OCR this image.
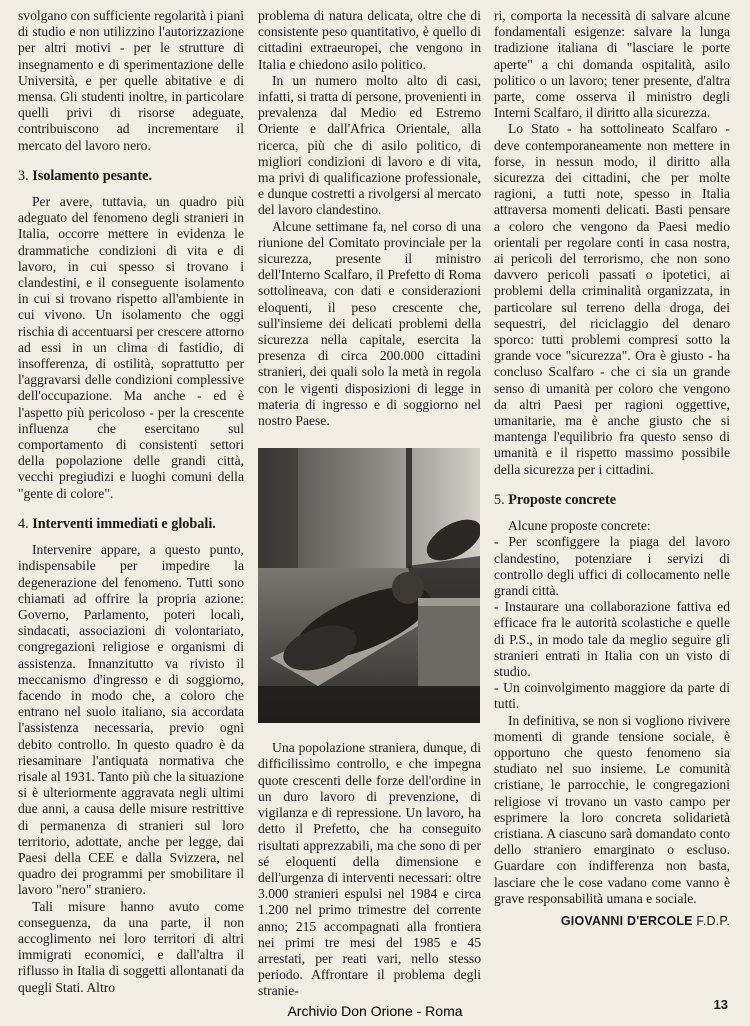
svolgano con sufficiente regolarità i piani di studio e non utilizzino l'autorizzazione per altri motivi - per le strutture di insegnamento e di sperimentazione delle Università, e per quelle abitative e di mensa. Gli studenti inoltre, in particolare quelli privi di risorse adeguate, contribuiscono ad incrementare il mercato del lavoro nero.

3. Isolamento pesante.

Per avere, tuttavia, un quadro più adeguato del fenomeno degli stranieri in Italia, occorre mettere in evidenza le drammatiche condizioni di vita e di lavoro, in cui spesso si trovano i clandestini, e il conseguente isolamento in cui si trovano rispetto all'ambiente in cui vivono. Un isolamento che oggi rischia di accentuarsi per crescere attorno ad essi in un clima di fastidio, di insofferenza, di ostilità, soprattutto per l'aggravarsi delle condizioni complessive dell'occupazione. Ma anche - ed è l'aspetto più pericoloso - per la crescente influenza che esercitano sul comportamento di consistenti settori della popolazione delle grandi città, vecchi pregiudizi e luoghi comuni della "gente di colore".

4. Interventi immediati e globali.

Intervenire appare, a questo punto, indispensabile per impedire la degenerazione del fenomeno. Tutti sono chiamati ad offrire la propria azione: Governo, Parlamento, poteri locali, sindacati, associazioni di volontariato, congregazioni religiose e organismi di assistenza. Innanzitutto va rivisto il meccanismo d'ingresso e di soggiorno, facendo in modo che, a coloro che entrano nel suolo italiano, sia accordata l'assistenza necessaria, previo ogni debito controllo. In questo quadro è da riesaminare l'antiquata normativa che risale al 1931. Tanto più che la situazione si è ulteriormente aggravata negli ultimi due anni, a causa delle misure restrittive di permanenza di stranieri sul loro territorio, adottate, anche per legge, dai Paesi della CEE e dalla Svizzera, nel quadro dei programmi per smobilitare il lavoro "nero" straniero.

Tali misure hanno avuto come conseguenza, da una parte, il non accoglimento nei loro territori di altri immigrati economici, e dall'altra il riflusso in Italia di soggetti allontanati da quegli Stati. Altro

problema di natura delicata, oltre che di consistente peso quantitativo, è quello di cittadini extraeuropei, che vengono in Italia e chiedono asilo politico.

In un numero molto alto di casi, infatti, si tratta di persone, provenienti in prevalenza dal Medio ed Estremo Oriente e dall'Africa Orientale, alla ricerca, più che di asilo politico, di migliori condizioni di lavoro e di vita, ma privi di qualificazione professionale, e dunque costretti a rivolgersi al mercato del lavoro clandestino.

Alcune settimane fa, nel corso di una riunione del Comitato provinciale per la sicurezza, presente il ministro dell'Interno Scalfaro, il Prefetto di Roma sottolineava, con dati e considerazioni eloquenti, il peso crescente che, sull'insieme dei delicati problemi della sicurezza nella capitale, esercita la presenza di circa 200.000 cittadini stranieri, dei quali solo la metà in regola con le vigenti disposizioni di legge in materia di ingresso e di soggiorno nel nostro Paese.

Una popolazione straniera, dunque, di difficilissimo controllo, e che impegna quote crescenti delle forze dell'ordine in un duro lavoro di prevenzione, di vigilanza e di repressione. Un lavoro, ha detto il Prefetto, che ha conseguito risultati apprezzabili, ma che sono di per sé eloquenti della dimensione e dell'urgenza di interventi necessari: oltre 3.000 stranieri espulsi nel 1984 e circa 1.200 nel primo trimestre del corrente anno; 215 accompagnati alla frontiera nei primi tre mesi del 1985 e 45 arrestati, per reati vari, nello stesso periodo. Affrontare il problema degli stranie-

ri, comporta la necessità di salvare alcune fondamentali esigenze: salvare la lunga tradizione italiana di "lasciare le porte aperte" a chi domanda ospitalità, asilo politico o un lavoro; tener presente, d'altra parte, come osserva il ministro degli Interni Scalfaro, il diritto alla sicurezza.

Lo Stato - ha sottolineato Scalfaro - deve contemporaneamente non mettere in forse, in nessun modo, il diritto alla sicurezza dei cittadini, che per molte ragioni, a tutti note, spesso in Italia attraversa momenti delicati. Basti pensare a coloro che vengono da Paesi medio orientali per regolare conti in casa nostra, ai pericoli del terrorismo, che non sono davvero pericoli passati o ipotetici, ai problemi della criminalità organizzata, in particolare sul terreno della droga, dei sequestri, del riciclaggio del denaro sporco: tutti problemi compresi sotto la grande voce "sicurezza". Ora è giusto - ha concluso Scalfaro - che ci sia un grande senso di umanità per coloro che vengono da altri Paesi per ragioni oggettive, umanitarie, ma è anche giusto che si mantenga l'equilibrio fra questo senso di umanità e il rispetto massimo possibile della sicurezza per i cittadini.

5. Proposte concrete

Alcune proposte concrete:

- Per sconfiggere la piaga del lavoro clandestino, potenziare i servizi di controllo degli uffici di collocamento nelle grandi città.

- Instaurare una collaborazione fattiva ed efficace fra le autorità scolastiche e quelle di P.S., in modo tale da meglio seguire gli stranieri entrati in Italia con un visto di studio.

- Un coinvolgimento maggiore da parte di tutti.

In definitiva, se non si vogliono rivivere momenti di grande tensione sociale, è opportuno che questo fenomeno sia studiato nel suo insieme. Le comunità cristiane, le parrocchie, le congregazioni religiose vi trovano un vasto campo per esprimere la loro concreta solidarietà cristiana. A ciascuno sarà domandato conto dello straniero emarginato o escluso. Guardare con indifferenza non basta, lasciare che le cose vadano come vanno è grave responsabilità umana e sociale.

GIOVANNI D'ERCOLE F.D.P.
13
Archivio Don Orione - Roma
